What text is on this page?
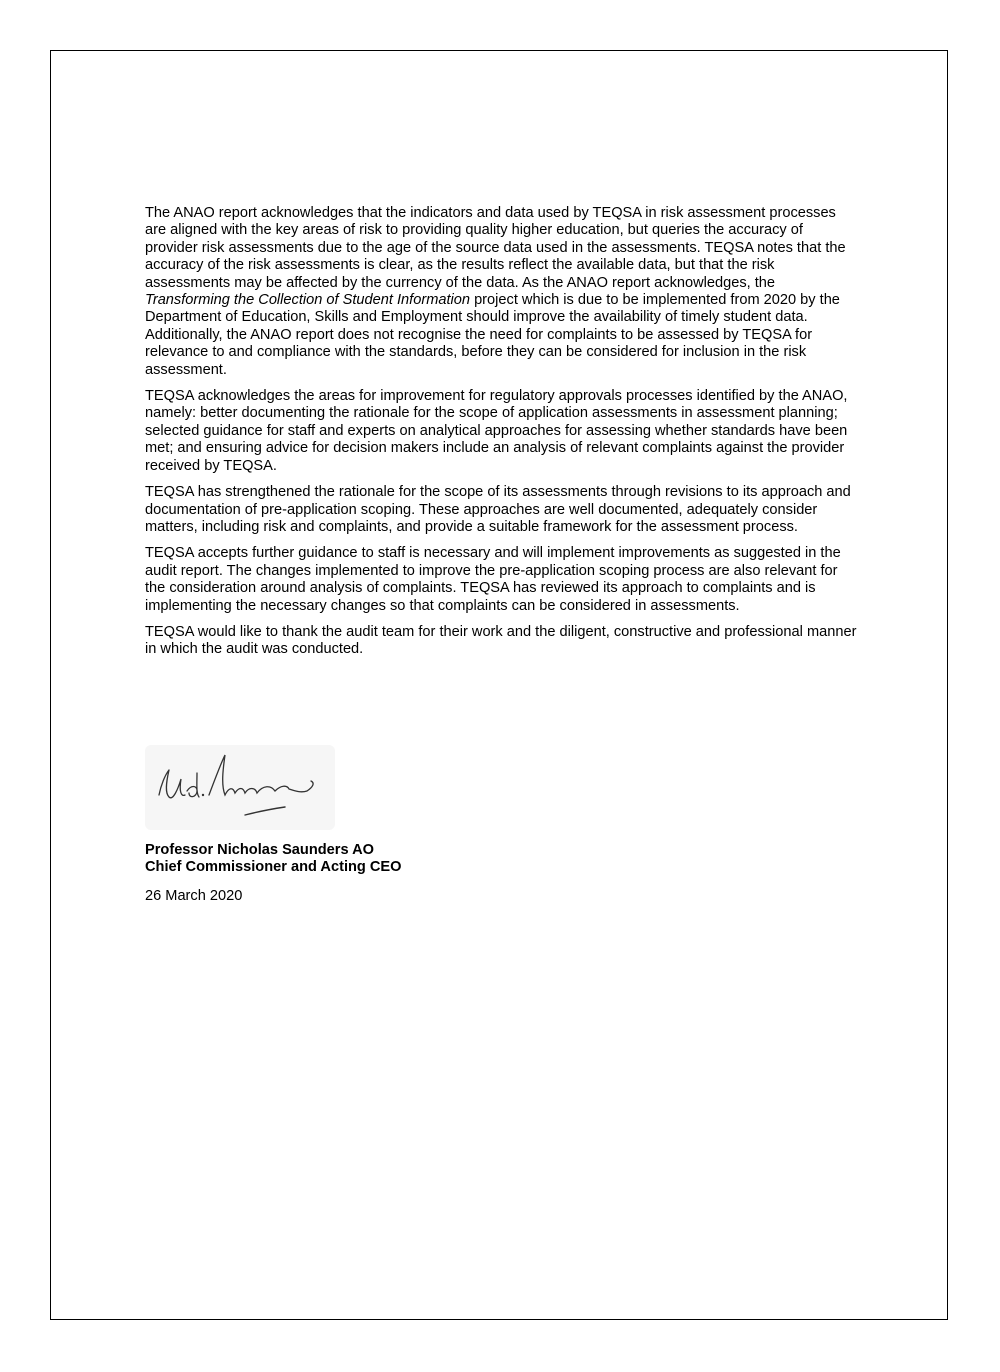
The ANAO report acknowledges that the indicators and data used by TEQSA in risk assessment processes are aligned with the key areas of risk to providing quality higher education, but queries the accuracy of provider risk assessments due to the age of the source data used in the assessments. TEQSA notes that the accuracy of the risk assessments is clear, as the results reflect the available data, but that the risk assessments may be affected by the currency of the data. As the ANAO report acknowledges, the Transforming the Collection of Student Information project which is due to be implemented from 2020 by the Department of Education, Skills and Employment should improve the availability of timely student data. Additionally, the ANAO report does not recognise the need for complaints to be assessed by TEQSA for relevance to and compliance with the standards, before they can be considered for inclusion in the risk assessment.

TEQSA acknowledges the areas for improvement for regulatory approvals processes identified by the ANAO, namely: better documenting the rationale for the scope of application assessments in assessment planning; selected guidance for staff and experts on analytical approaches for assessing whether standards have been met; and ensuring advice for decision makers include an analysis of relevant complaints against the provider received by TEQSA.

TEQSA has strengthened the rationale for the scope of its assessments through revisions to its approach and documentation of pre-application scoping. These approaches are well documented, adequately consider matters, including risk and complaints, and provide a suitable framework for the assessment process.

TEQSA accepts further guidance to staff is necessary and will implement improvements as suggested in the audit report. The changes implemented to improve the pre-application scoping process are also relevant for the consideration around analysis of complaints. TEQSA has reviewed its approach to complaints and is implementing the necessary changes so that complaints can be considered in assessments.

TEQSA would like to thank the audit team for their work and the diligent, constructive and professional manner in which the audit was conducted.

Professor Nicholas Saunders AO
Chief Commissioner and Acting CEO
26 March 2020
